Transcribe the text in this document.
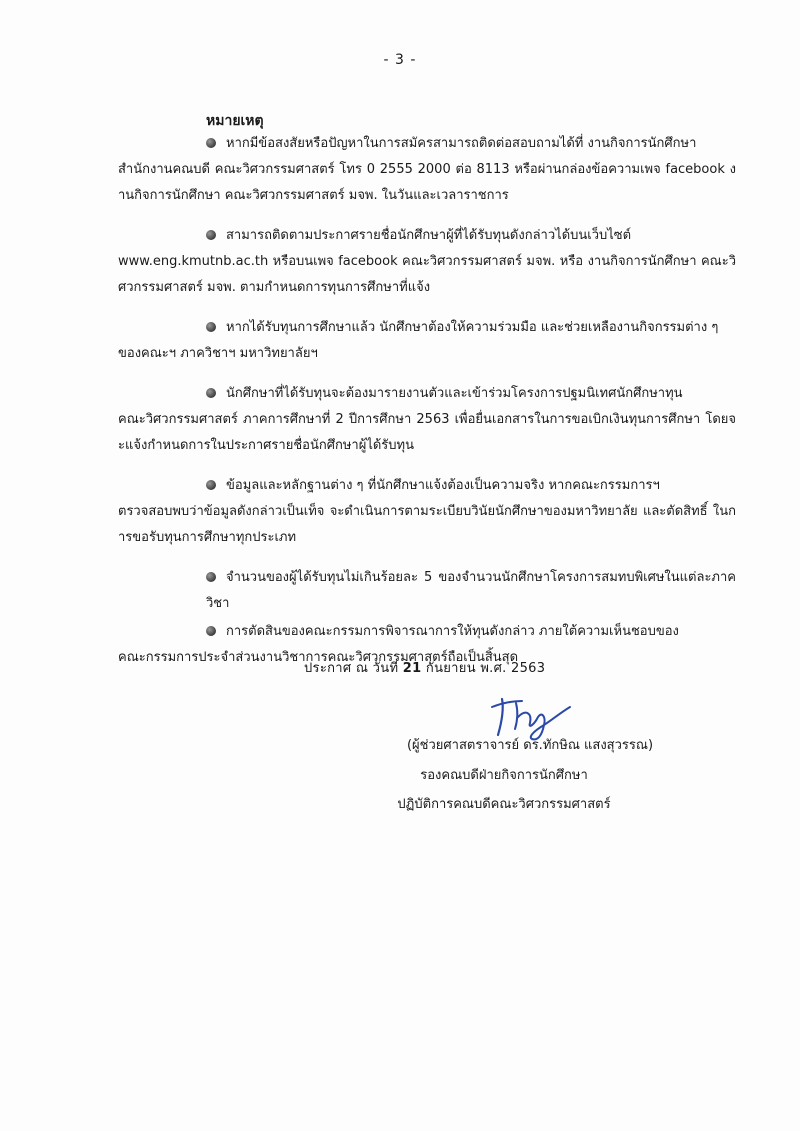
- 3 -
หมายเหตุ
หากมีข้อสงสัยหรือปัญหาในการสมัครสามารถติดต่อสอบถามได้ที่ งานกิจการนักศึกษา
สำนักงานคณบดี คณะวิศวกรรมศาสตร์ โทร 0 2555 2000 ต่อ 8113 หรือผ่านกล่องข้อความเพจ facebook งานกิจการนักศึกษา คณะวิศวกรรมศาสตร์ มจพ. ในวันและเวลาราชการ
สามารถติดตามประกาศรายชื่อนักศึกษาผู้ที่ได้รับทุนดังกล่าวได้บนเว็บไซต์
www.eng.kmutnb.ac.th หรือบนเพจ facebook คณะวิศวกรรมศาสตร์ มจพ. หรือ งานกิจการนักศึกษา คณะวิศวกรรมศาสตร์ มจพ. ตามกำหนดการทุนการศึกษาที่แจ้ง
หากได้รับทุนการศึกษาแล้ว นักศึกษาต้องให้ความร่วมมือ และช่วยเหลืองานกิจกรรมต่าง ๆ
ของคณะฯ ภาควิชาฯ มหาวิทยาลัยฯ
นักศึกษาที่ได้รับทุนจะต้องมารายงานตัวและเข้าร่วมโครงการปฐมนิเทศนักศึกษาทุน
คณะวิศวกรรมศาสตร์ ภาคการศึกษาที่ 2 ปีการศึกษา 2563 เพื่อยื่นเอกสารในการขอเบิกเงินทุนการศึกษา โดยจะแจ้งกำหนดการในประกาศรายชื่อนักศึกษาผู้ได้รับทุน
ข้อมูลและหลักฐานต่าง ๆ ที่นักศึกษาแจ้งต้องเป็นความจริง หากคณะกรรมการฯ
ตรวจสอบพบว่าข้อมูลดังกล่าวเป็นเท็จ จะดำเนินการตามระเบียบวินัยนักศึกษาของมหาวิทยาลัย และตัดสิทธิ์ ในการขอรับทุนการศึกษาทุกประเภท
จำนวนของผู้ได้รับทุนไม่เกินร้อยละ 5 ของจำนวนนักศึกษาโครงการสมทบพิเศษในแต่ละภาควิชา
การตัดสินของคณะกรรมการพิจารณาการให้ทุนดังกล่าว ภายใต้ความเห็นชอบของ
คณะกรรมการประจำส่วนงานวิชาการคณะวิศวกรรมศาสตร์ถือเป็นสิ้นสุด
ประกาศ ณ วันที่ 21 กันยายน พ.ศ. 2563
(ผู้ช่วยศาสตราจารย์ ดร.ทักษิณ แสงสุวรรณ)
รองคณบดีฝ่ายกิจการนักศึกษา
ปฏิบัติการคณบดีคณะวิศวกรรมศาสตร์
